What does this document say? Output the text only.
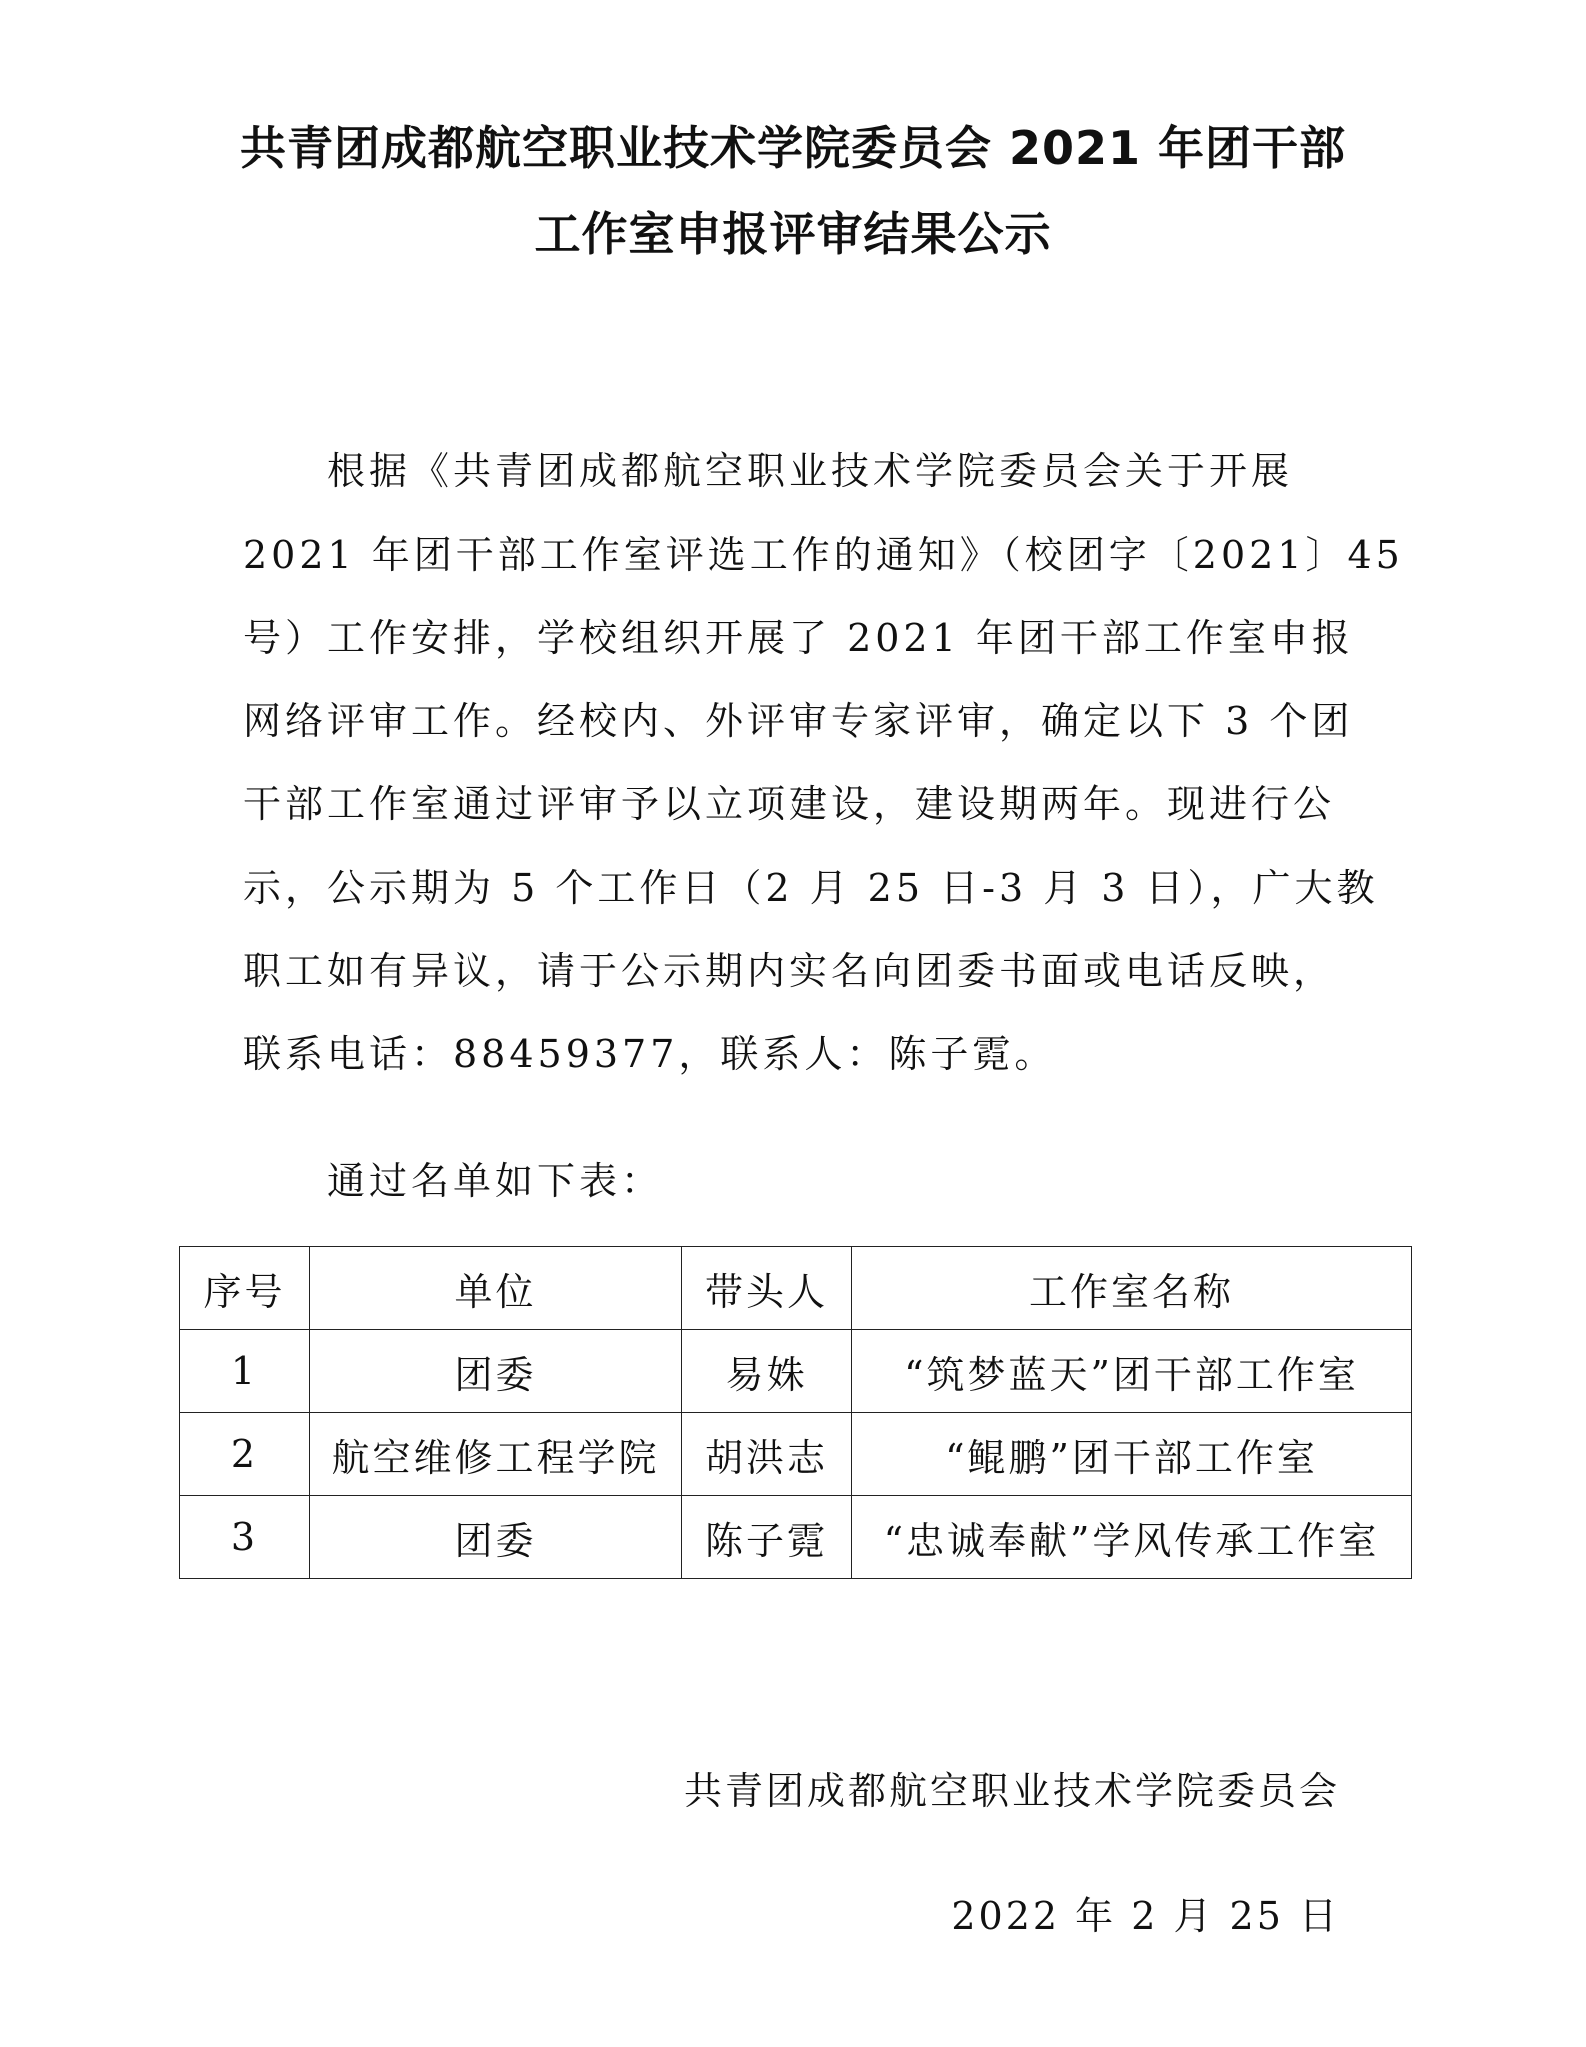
共青团成都航空职业技术学院委员会 2021 年团干部
工作室申报评审结果公示
根据《共青团成都航空职业技术学院委员会关于开展
2021 年团干部工作室评选工作的通知》（校团字〔2021〕45
号）工作安排，学校组织开展了 2021 年团干部工作室申报
网络评审工作。经校内、外评审专家评审，确定以下 3 个团
干部工作室通过评审予以立项建设，建设期两年。现进行公
示，公示期为 5 个工作日（2 月 25 日-3 月 3 日），广大教
职工如有异议，请于公示期内实名向团委书面或电话反映，
联系电话：88459377，联系人：陈子霓。
通过名单如下表：
序号	单位	带头人	工作室名称
1	团委	易姝	“筑梦蓝天”团干部工作室
2	航空维修工程学院	胡洪志	“鲲鹏”团干部工作室
3	团委	陈子霓	“忠诚奉献”学风传承工作室
共青团成都航空职业技术学院委员会
2022 年 2 月 25 日
